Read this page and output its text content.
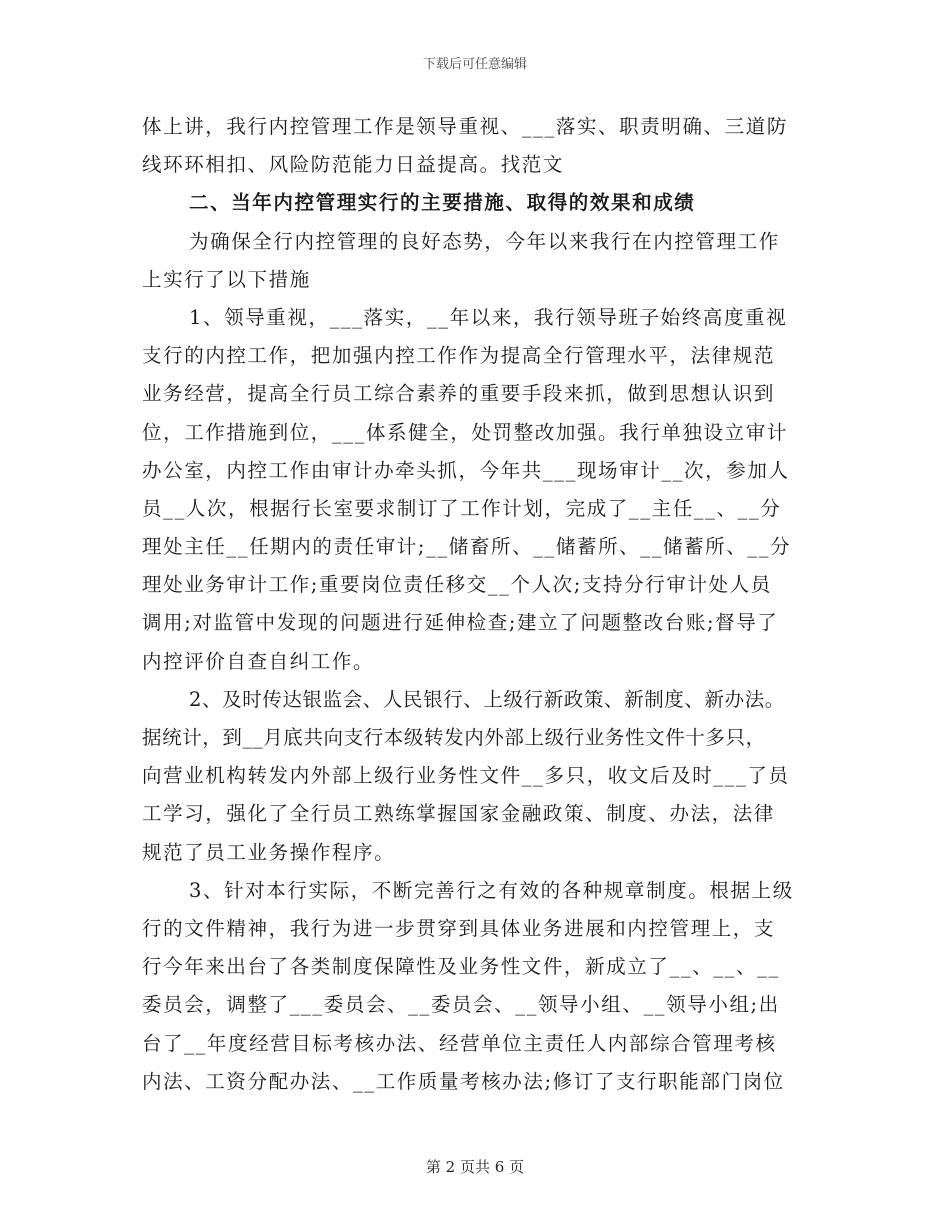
下载后可任意编辑
体上讲，我行内控管理工作是领导重视、___落实、职责明确、三道防
线环环相扣、风险防范能力日益提高。找范文
二、当年内控管理实行的主要措施、取得的效果和成绩
为确保全行内控管理的良好态势，今年以来我行在内控管理工作
上实行了以下措施
1、领导重视，___落实，__年以来，我行领导班子始终高度重视
支行的内控工作，把加强内控工作作为提高全行管理水平，法律规范
业务经营，提高全行员工综合素养的重要手段来抓，做到思想认识到
位，工作措施到位，___体系健全，处罚整改加强。我行单独设立审计
办公室，内控工作由审计办牵头抓，今年共___现场审计__次，参加人
员__人次，根据行长室要求制订了工作计划，完成了__主任__、__分
理处主任__任期内的责任审计;__储畜所、__储蓄所、__储蓄所、__分
理处业务审计工作;重要岗位责任移交__个人次;支持分行审计处人员
调用;对监管中发现的问题进行延伸检查;建立了问题整改台账;督导了
内控评价自查自纠工作。
2、及时传达银监会、人民银行、上级行新政策、新制度、新办法。
据统计，到__月底共向支行本级转发内外部上级行业务性文件十多只，
向营业机构转发内外部上级行业务性文件__多只，收文后及时___了员
工学习，强化了全行员工熟练掌握国家金融政策、制度、办法，法律
规范了员工业务操作程序。
3、针对本行实际，不断完善行之有效的各种规章制度。根据上级
行的文件精神，我行为进一步贯穿到具体业务进展和内控管理上，支
行今年来出台了各类制度保障性及业务性文件，新成立了__、__、__
委员会，调整了___委员会、__委员会、__领导小组、__领导小组;出
台了__年度经营目标考核办法、经营单位主责任人内部综合管理考核
内法、工资分配办法、__工作质量考核办法;修订了支行职能部门岗位
第 2 页共 6 页
